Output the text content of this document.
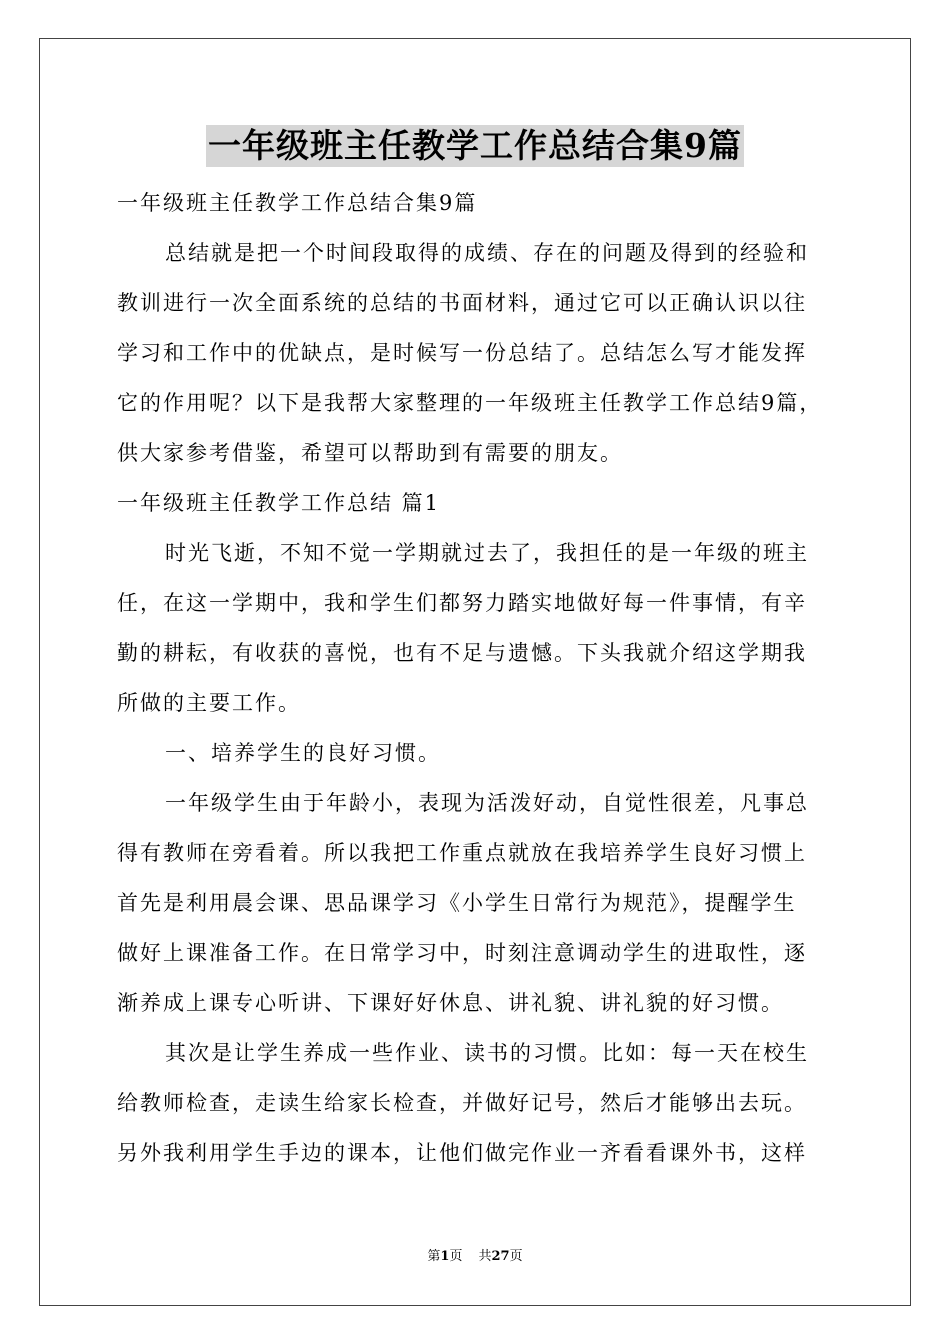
一年级班主任教学工作总结合集9篇
一年级班主任教学工作总结合集9篇
总结就是把一个时间段取得的成绩、存在的问题及得到的经验和
教训进行一次全面系统的总结的书面材料，通过它可以正确认识以往
学习和工作中的优缺点，是时候写一份总结了。总结怎么写才能发挥
它的作用呢？以下是我帮大家整理的一年级班主任教学工作总结9篇，
供大家参考借鉴，希望可以帮助到有需要的朋友。
一年级班主任教学工作总结 篇1
时光飞逝，不知不觉一学期就过去了，我担任的是一年级的班主
任，在这一学期中，我和学生们都努力踏实地做好每一件事情，有辛
勤的耕耘，有收获的喜悦，也有不足与遗憾。下头我就介绍这学期我
所做的主要工作。
一、培养学生的良好习惯。
一年级学生由于年龄小，表现为活泼好动，自觉性很差，凡事总
得有教师在旁看着。所以我把工作重点就放在我培养学生良好习惯上
首先是利用晨会课、思品课学习《小学生日常行为规范》，提醒学生
做好上课准备工作。在日常学习中，时刻注意调动学生的进取性，逐
渐养成上课专心听讲、下课好好休息、讲礼貌、讲礼貌的好习惯。
其次是让学生养成一些作业、读书的习惯。比如：每一天在校生
给教师检查，走读生给家长检查，并做好记号，然后才能够出去玩。
另外我利用学生手边的课本，让他们做完作业一齐看看课外书，这样
第1页 共27页
